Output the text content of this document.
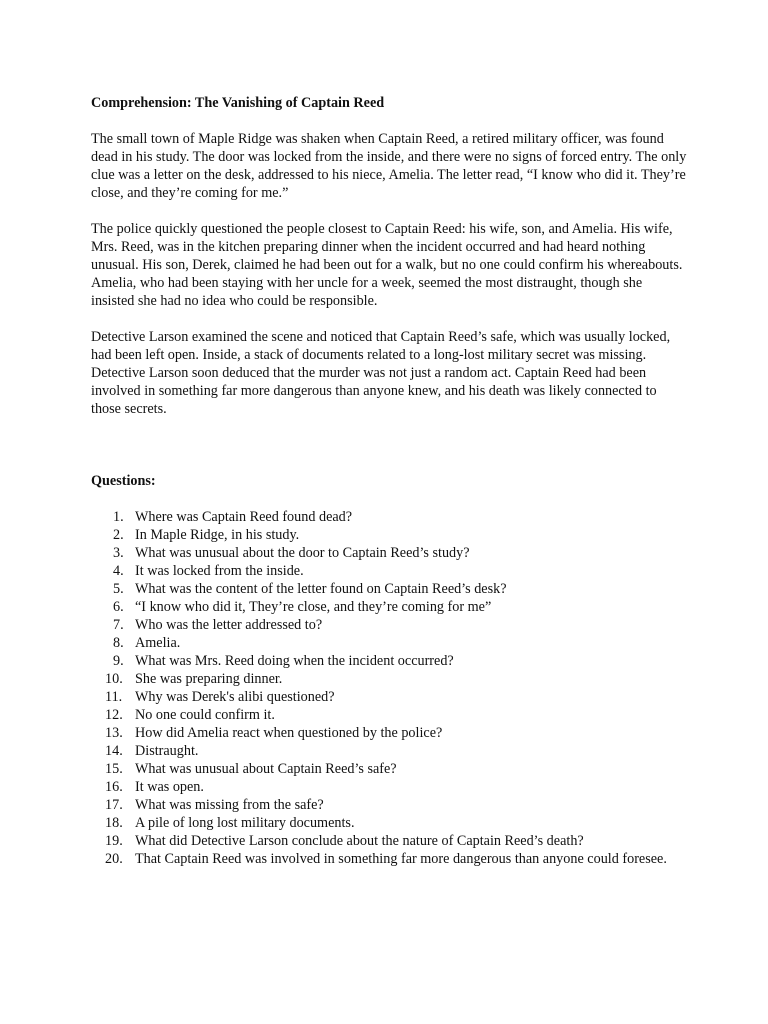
Comprehension: The Vanishing of Captain Reed

The small town of Maple Ridge was shaken when Captain Reed, a retired military officer, was found dead in his study. The door was locked from the inside, and there were no signs of forced entry. The only clue was a letter on the desk, addressed to his niece, Amelia. The letter read, “I know who did it. They’re close, and they’re coming for me.”

The police quickly questioned the people closest to Captain Reed: his wife, son, and Amelia. His wife, Mrs. Reed, was in the kitchen preparing dinner when the incident occurred and had heard nothing unusual. His son, Derek, claimed he had been out for a walk, but no one could confirm his whereabouts. Amelia, who had been staying with her uncle for a week, seemed the most distraught, though she insisted she had no idea who could be responsible.

Detective Larson examined the scene and noticed that Captain Reed’s safe, which was usually locked, had been left open. Inside, a stack of documents related to a long-lost military secret was missing. Detective Larson soon deduced that the murder was not just a random act. Captain Reed had been involved in something far more dangerous than anyone knew, and his death was likely connected to those secrets.

Questions:

1. Where was Captain Reed found dead?
2. In Maple Ridge, in his study.
3. What was unusual about the door to Captain Reed’s study?
4. It was locked from the inside.
5. What was the content of the letter found on Captain Reed’s desk?
6. “I know who did it, They’re close, and they’re coming for me”
7. Who was the letter addressed to?
8. Amelia.
9. What was Mrs. Reed doing when the incident occurred?
10. She was preparing dinner.
11. Why was Derek's alibi questioned?
12. No one could confirm it.
13. How did Amelia react when questioned by the police?
14. Distraught.
15. What was unusual about Captain Reed’s safe?
16. It was open.
17. What was missing from the safe?
18. A pile of long lost military documents.
19. What did Detective Larson conclude about the nature of Captain Reed’s death?
20. That Captain Reed was involved in something far more dangerous than anyone could foresee.
